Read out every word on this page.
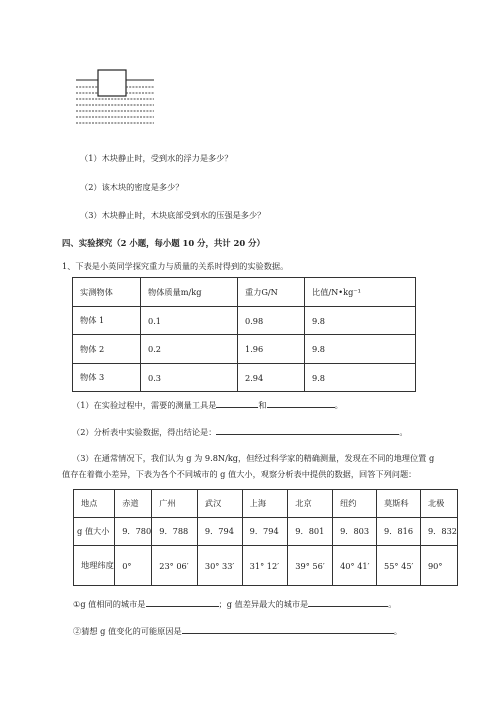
（1）木块静止时，受到水的浮力是多少？
（2）该木块的密度是多少？
（3）木块静止时，木块底部受到水的压强是多少？
四、实验探究（2 小题，每小题 10 分，共计 20 分）
1、下表是小英同学探究重力与质量的关系时得到的实验数据。
实测物体	物体质量m/kg	重力G/N	比值/N•kg⁻¹
物体 1	0.1	0.98	9.8
物体 2	0.2	1.96	9.8
物体 3	0.3	2.94	9.8
（1）在实验过程中，需要的测量工具是	和	。
（2）分析表中实验数据，得出结论是：	。
（3）在通常情况下，我们认为 g 为 9.8N/kg，但经过科学家的精确测量，发现在不同的地理位置 g
值存在着微小差异，下表为各个不同城市的 g 值大小，观察分析表中提供的数据，回答下列问题：
地点	赤道	广州	武汉	上海	北京	纽约	莫斯科	北极
g 值大小	9．780	9．788	9．794	9．794	9．801	9．803	9．816	9．832
地理纬度	0°	23° 06′	30° 33′	31° 12′	39° 56′	40° 41′	55° 45′	90°
①g 值相同的城市是	；g 值差异最大的城市是	。
②猜想 g 值变化的可能原因是	。
